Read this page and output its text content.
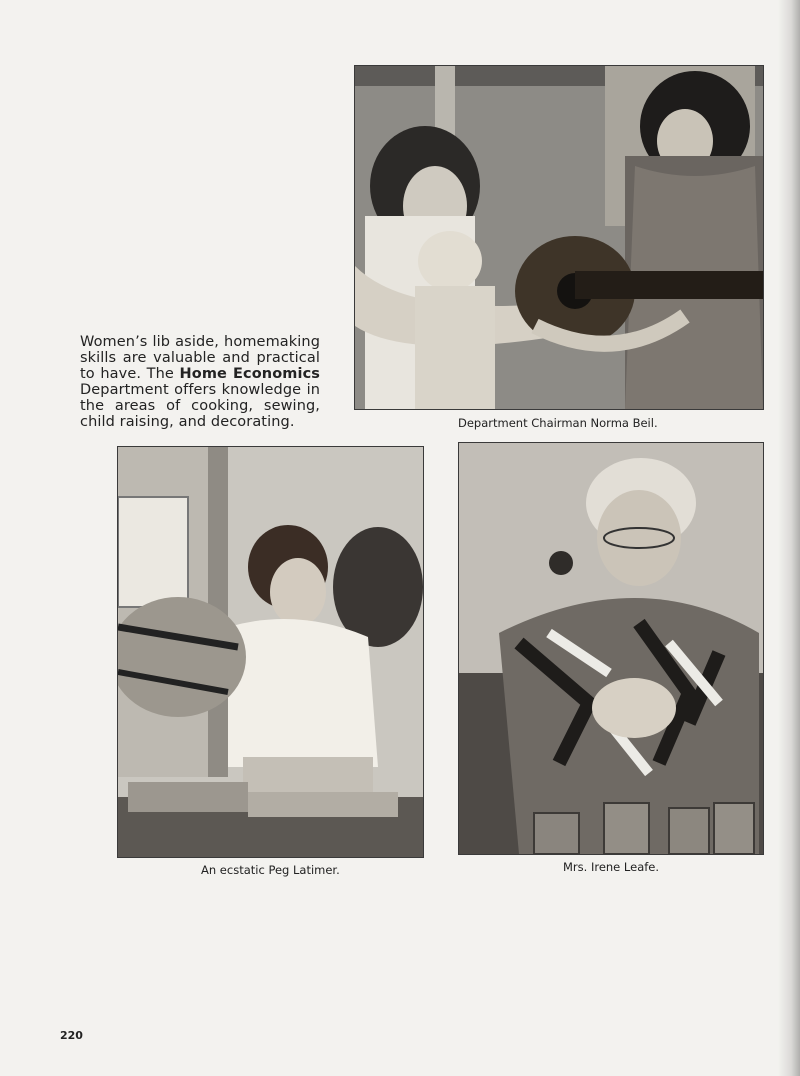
Women’s lib aside, homemaking skills are valuable and practical to have. The Home Economics Department offers knowledge in the areas of cooking, sewing, child raising, and decorating.	Department Chairman Norma Beil.
An ecstatic Peg Latimer.	Mrs. Irene Leafe.
220
